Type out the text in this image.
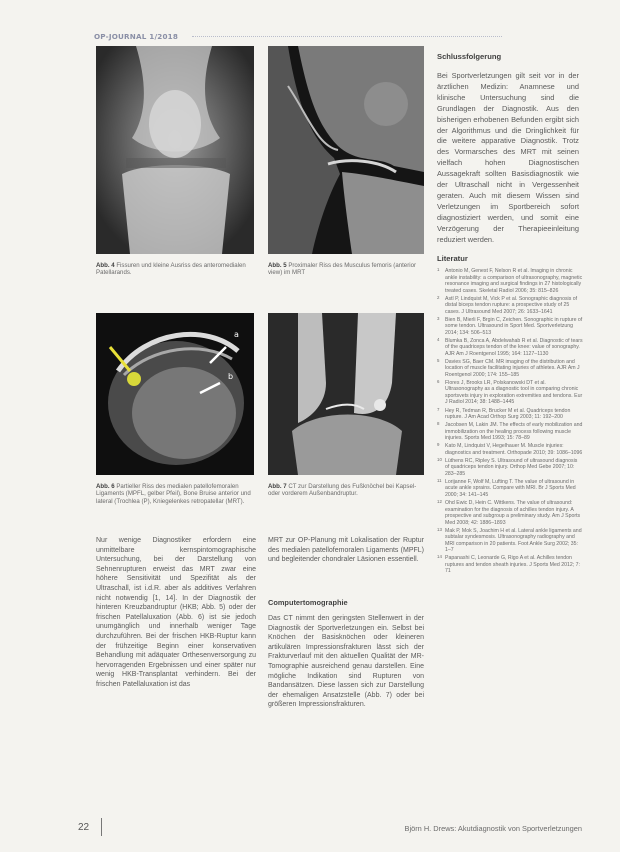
OP-JOURNAL 1/2018
Abb. 4 Fissuren und kleine Ausriss des anteromedialen Patellarands.
Abb. 5 Proximaler Riss des Musculus femoris (anterior view) im MRT
a
b
Abb. 6 Partieller Riss des medialen patellofemoralen Ligaments (MPFL, gelber Pfeil), Bone Bruise anterior und lateral (Trochlea (P), Kniegelenkes retropatellar (MRT).
Abb. 7 CT zur Darstellung des Fußknöchel bei Kapsel- oder vorderem Außenbandruptur.

Nur wenige Diagnostiker erfordern eine unmittelbare kernspintomographische Untersuchung, bei der Darstellung von Sehnenrupturen erweist das MRT zwar eine höhere Sensitivität und Spezifität als der Ultraschall, ist i.d.R. aber als additives Verfahren nicht notwendig [1, 14]. In der Diagnostik der hinteren Kreuzbandruptur (HKB; Abb. 5) oder der frischen Patellaluxation (Abb. 6) ist sie jedoch unumgänglich und innerhalb weniger Tage durchzuführen. Bei der frischen HKB-Ruptur kann der frühzeitige Beginn einer konservativen Behandlung mit adäquater Orthesenversorgung zu hervorragenden Ergebnissen und einer später nur wenig HKB-Transplantat verhindern. Bei der frischen Patellaluxation ist das

MRT zur OP-Planung mit Lokalisation der Ruptur des medialen patellofemoralen Ligaments (MPFL) und begleitender chondraler Läsionen essentiell.

Computertomographie

Das CT nimmt den geringsten Stellenwert in der Diagnostik der Sportverletzungen ein. Selbst bei Knöchen der Basisknöchen oder kleineren artikulären Impressionsfrakturen lässt sich der Frakturverlauf mit den aktuellen Qualität der MR-Tomographie ausreichend genau darstellen. Eine mögliche Indikation sind Rupturen von Bandansätzen. Diese lassen sich zur Darstellung der ehemaligen Ansatzstelle (Abb. 7) oder bei größeren Impressionsfrakturen.

Schlussfolgerung
Bei Sportverletzungen gilt seit vor in der ärztlichen Medizin: Anamnese und klinische Untersuchung sind die Grundlagen der Diagnostik. Aus den bisherigen erhobenen Befunden ergibt sich der Algorithmus und die Dringlichkeit für die weitere apparative Diagnostik. Trotz des Vormarsches des MRT mit seinen vielfach hohen Diagnostischen Aussagekraft sollten Basisdiagnostik wie der Ultraschall nicht in Vergessenheit geraten. Auch mit diesem Wissen sind Verletzungen im Sportbereich sofort diagnostiziert werden, und somit eine Verzögerung der Therapieeinleitung reduziert werden.
Literatur
1 Antonio M, Genest F, Nelson R et al. Imaging in chronic ankle instability: a comparison of ultrasonography, magnetic resonance imaging and surgical findings in 27 histologically treated cases. Skeletal Radiol 2006; 35: 815–826
2 Astl P, Lindquist M, Vick P et al. Sonographic diagnosis of distal biceps tendon rupture: a prospective study of 25 cases. J Ultrasound Med 2007; 26: 1633–1641
3 Bien B, Mierli F, Brgin C, Zeichen. Sonographic in rupture of some tendon. Ultrasound in Sport Med. Sportverletzung 2014; 134: 506–513
4 Blumka B, Zonca A, Abdelwahab R et al. Diagnostic of tears of the quadriceps tendon of the knee: value of sonography. AJR Am J Roentgenol 1995; 164: 1127–1130
5 Davies SG, Baer CM. MR imaging of the distribution and location of muscle facilitating injuries of athletes. AJR Am J Roentgenol 2000; 174: 155–185
6 Flores J, Brooks LR, Polskanowski DT et al. Ultrasonography as a diagnostic tool in comparing chronic sportsvets injury in exploration extremities and tendons. Eur J Radiol 2014; 38: 1488–1445
7 Hey R, Tedman R, Brucker M et al. Quadriceps tendon rupture. J Am Acad Orthop Surg 2003; 11: 192–200
8 Jacobsen M, Lakin JM. The effects of early mobilization and immobilization on the healing process following muscle injuries. Sports Med 1993; 15: 78–89
9 Kato M, Lindquist V, Hegelhauer M. Muscle injuries: diagnostics and treatment. Orthopade 2010; 39: 1086–1096
10 Lüthens RC, Ripley S. Ultrasound of ultrasound diagnosis of quadriceps tendon injury. Orthop Med Gebe 2007; 10: 283–285
11 Lorijanne F, Wolf M, Lufting T. The value of ultrasound in acute ankle sprains. Compare with MRI. Br J Sports Med 2000; 34: 141–145
12 Ohd Ewic D, Hein C. Wittkens. The value of ultrasound: examination for the diagnosis of achilles tendon injury. A prospective and subgroup a preliminary study. Am J Sports Med 2008; 42: 1886–1893
13 Mak P, Mok S, Joachim H et al. Lateral ankle ligaments and subtalar syndesmosis. Ultrasonography radiography and MRI comparison in 20 patients. Foot Ankle Surg 2002; 35: 1–7
14 Papanashi C, Leonarde G, Rigo A et al. Achilles tendon ruptures and tendon sheath injuries. J Sports Med 2012; 7: 71
22	Björn H. Drews: Akutdiagnostik von Sportverletzungen
